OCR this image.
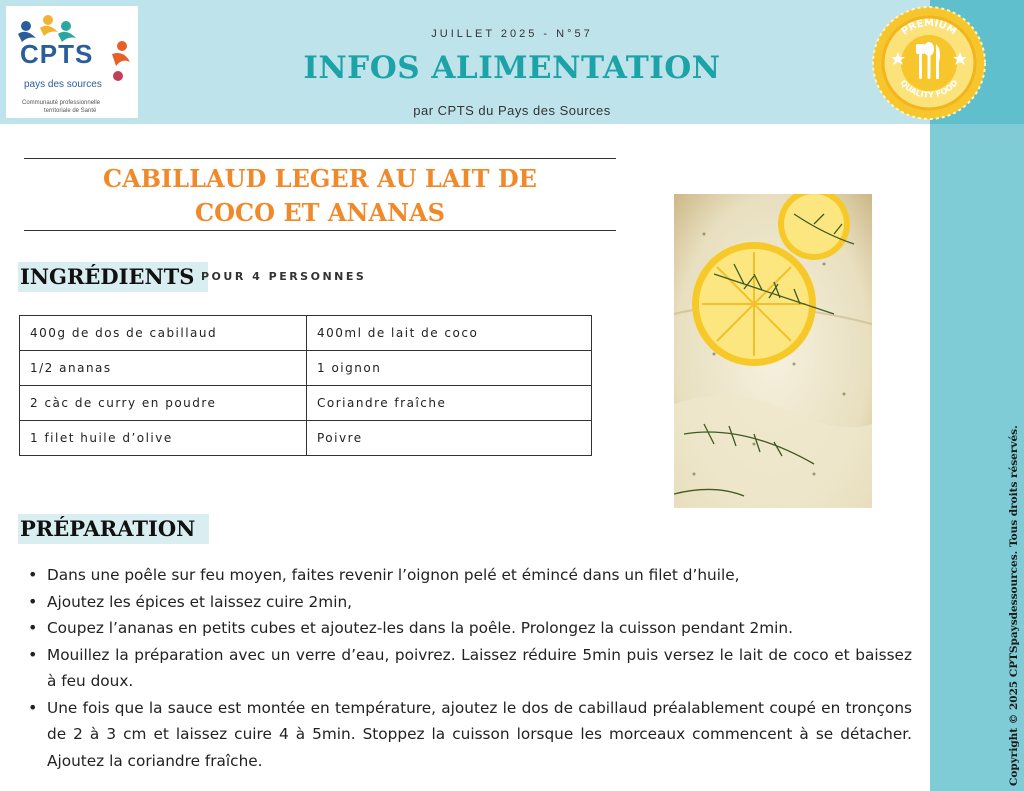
CPTS
pays des sources
Communauté professionnelle
territoriale de Santé
JUILLET 2025 - N°57
INFOS ALIMENTATION
par CPTS du Pays des Sources
PREMIUM
QUALITY FOOD
CABILLAUD LEGER AU LAIT DE
COCO ET ANANAS
INGRÉDIENTS POUR 4 PERSONNES
400g de dos de cabillaud	400ml de lait de coco
1/2 ananas	1 oignon
2 càc de curry en poudre	Coriandre fraîche
1 filet huile d’olive	Poivre
PRÉPARATION
• Dans une poêle sur feu moyen, faites revenir l’oignon pelé et émincé dans un filet d’huile,
• Ajoutez les épices et laissez cuire 2min,
• Coupez l’ananas en petits cubes et ajoutez-les dans la poêle. Prolongez la cuisson pendant 2min.
• Mouillez la préparation avec un verre d’eau, poivrez. Laissez réduire 5min puis versez le lait de coco et baissez à feu doux.
• Une fois que la sauce est montée en température, ajoutez le dos de cabillaud préalablement coupé en tronçons de 2 à 3 cm et laissez cuire 4 à 5min. Stoppez la cuisson lorsque les morceaux commencent à se détacher. Ajoutez la coriandre fraîche.	Copyright © 2025 CPTSpaysdessources. Tous droits réservés.
